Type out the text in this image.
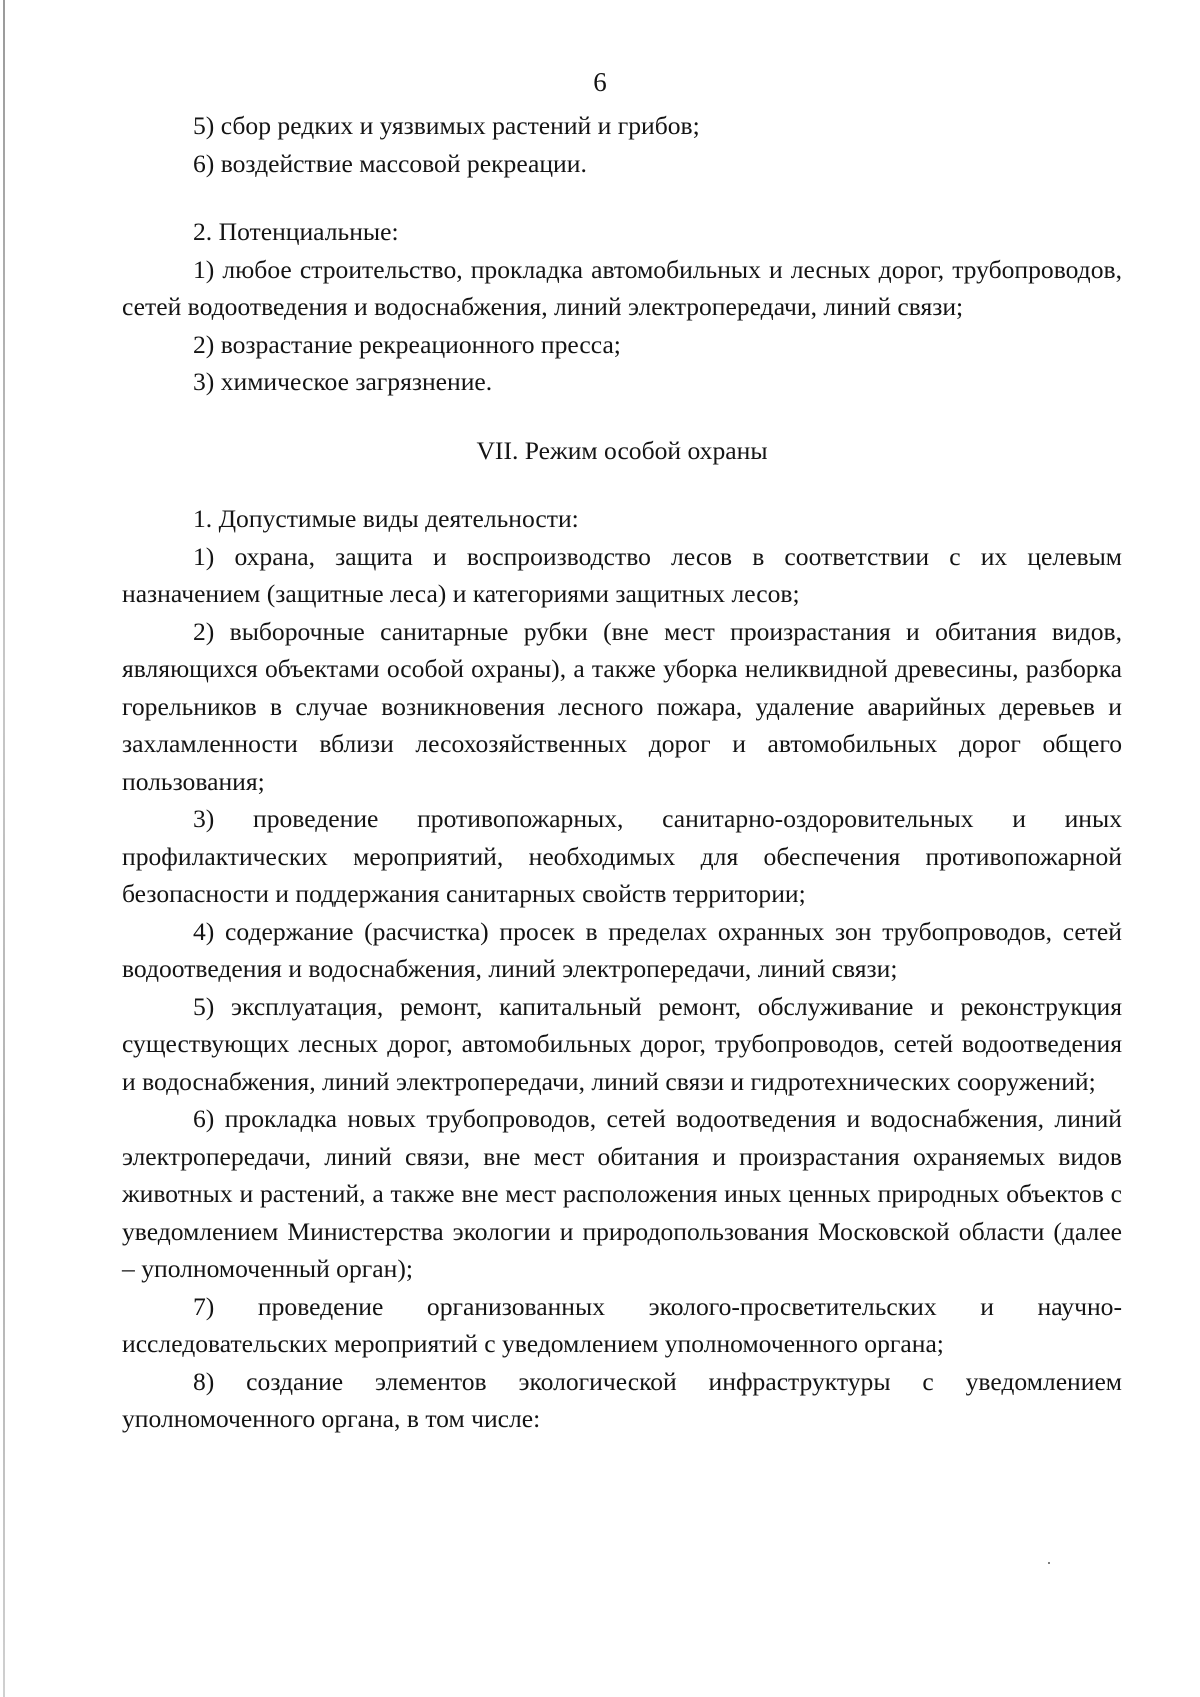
6

5) сбор редких и уязвимых растений и грибов;

6) воздействие массовой рекреации.

2. Потенциальные:

1) любое строительство, прокладка автомобильных и лесных дорог, трубопроводов, сетей водоотведения и водоснабжения, линий электропередачи, линий связи;

2) возрастание рекреационного пресса;

3) химическое загрязнение.

VII. Режим особой охраны

1. Допустимые виды деятельности:

1) охрана, защита и воспроизводство лесов в соответствии с их целевым назначением (защитные леса) и категориями защитных лесов;

2) выборочные санитарные рубки (вне мест произрастания и обитания видов, являющихся объектами особой охраны), а также уборка неликвидной древесины, разборка горельников в случае возникновения лесного пожара, удаление аварийных деревьев и захламленности вблизи лесохозяйственных дорог и автомобильных дорог общего пользования;

3) проведение противопожарных, санитарно-оздоровительных и иных профилактических мероприятий, необходимых для обеспечения противопожарной безопасности и поддержания санитарных свойств территории;

4) содержание (расчистка) просек в пределах охранных зон трубопроводов, сетей водоотведения и водоснабжения, линий электропередачи, линий связи;

5) эксплуатация, ремонт, капитальный ремонт, обслуживание и реконструкция существующих лесных дорог, автомобильных дорог, трубопроводов, сетей водоотведения и водоснабжения, линий электропередачи, линий связи и гидротехнических сооружений;

6) прокладка новых трубопроводов, сетей водоотведения и водоснабжения, линий электропередачи, линий связи, вне мест обитания и произрастания охраняемых видов животных и растений, а также вне мест расположения иных ценных природных объектов с уведомлением Министерства экологии и природопользования Московской области (далее – уполномоченный орган);

7) проведение организованных эколого-просветительских и научно-исследовательских мероприятий с уведомлением уполномоченного органа;

8) создание элементов экологической инфраструктуры с уведомлением уполномоченного органа, в том числе:
